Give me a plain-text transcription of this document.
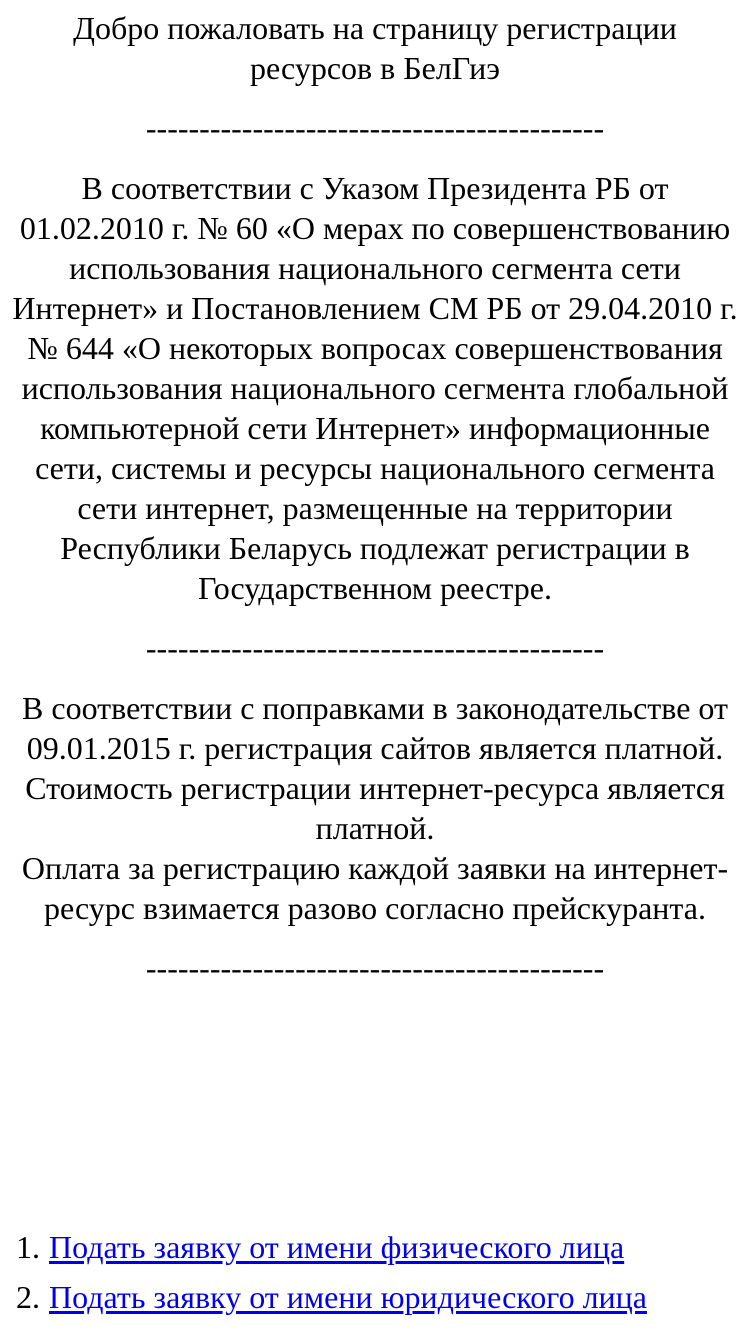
Добро пожаловать на страницу регистрации ресурсов в БелГиэ
-------------------------------------------
В соответствии с Указом Президента РБ от 01.02.2010 г. № 60 «О мерах по совершенствованию использования национального сегмента сети Интернет» и Постановлением СМ РБ от 29.04.2010 г. № 644 «О некоторых вопросах совершенствования использования национального сегмента глобальной компьютерной сети Интернет» информационные сети, системы и ресурсы национального сегмента сети интернет, размещенные на территории Республики Беларусь подлежат регистрации в Государственном реестре.
-------------------------------------------
В соответствии с поправками в законодательстве от 09.01.2015 г. регистрация сайтов является платной.
Стоимость регистрации интернет-ресурса является платной.
Оплата за регистрацию каждой заявки на интернет-ресурс взимается разово согласно прейскуранта.
-------------------------------------------
1. Подать заявку от имени физического лица
2. Подать заявку от имени юридического лица
